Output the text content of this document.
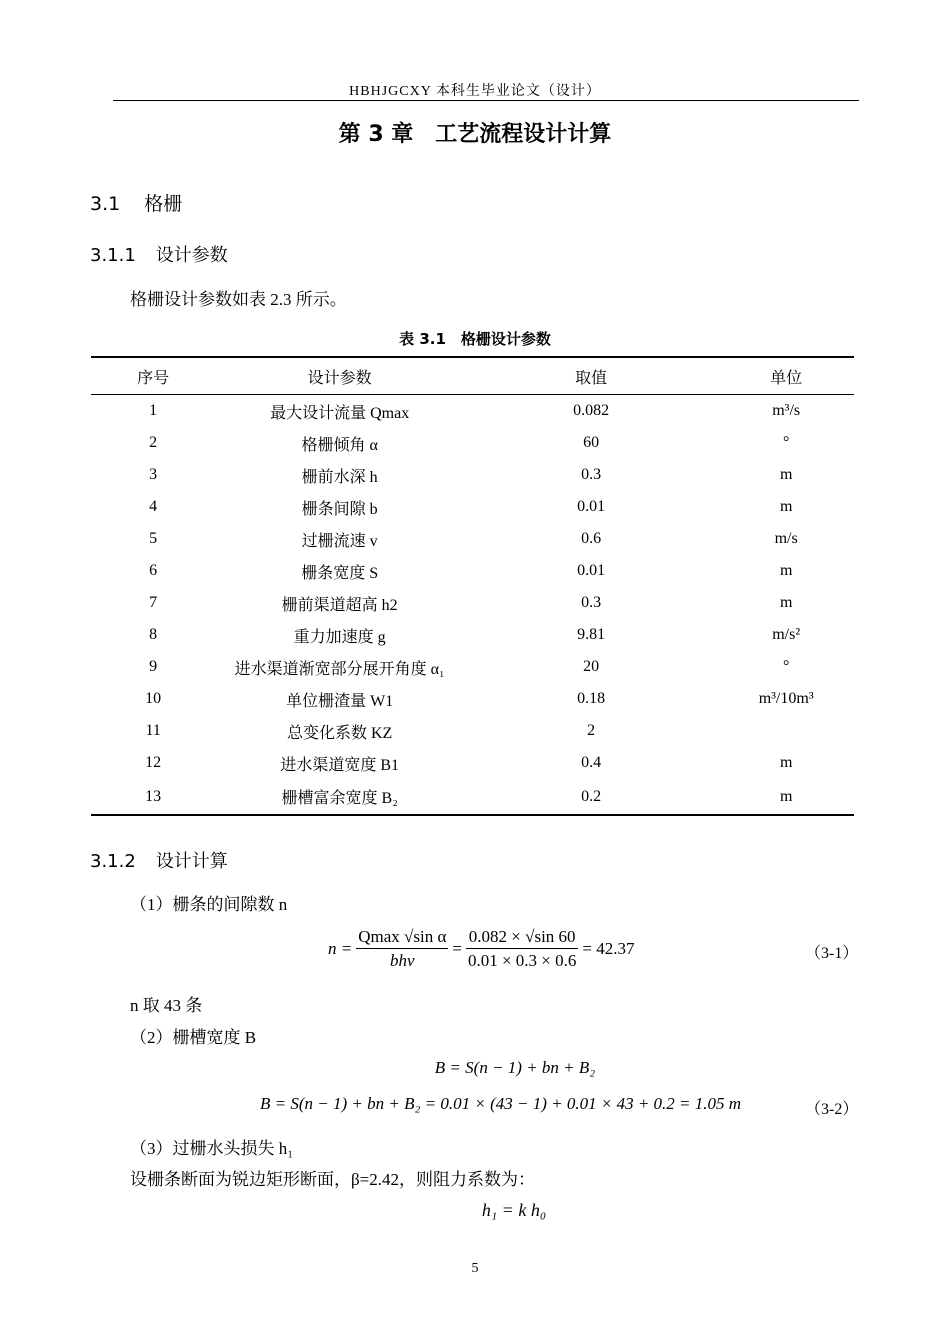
HBHJGCXY 本科生毕业论文（设计）
第 3 章　工艺流程设计计算
3.1 格栅
3.1.1 设计参数
格栅设计参数如表 2.3 所示。
表 3.1　格栅设计参数
序号	设计参数	取值	单位
1	最大设计流量 Qmax	0.082	m³/s
2	格栅倾角 α	60	°
3	栅前水深 h	0.3	m
4	栅条间隙 b	0.01	m
5	过栅流速 v	0.6	m/s
6	栅条宽度 S	0.01	m
7	栅前渠道超高 h2	0.3	m
8	重力加速度 g	9.81	m/s²
9	进水渠道渐宽部分展开角度 α₁	20	°
10	单位栅渣量 W1	0.18	m³/10m³
11	总变化系数 KZ	2	
12	进水渠道宽度 B1	0.4	m
13	栅槽富余宽度 B₂	0.2	m
3.1.2 设计计算
（1）栅条的间隙数 n
$n = \frac{\text{Qmax √sin α}}{\text{bhv}} = \frac{0.082 \times √\sin 60}{0.01 \times 0.3 \times 0.6} = 42.37$	（3-1）
n 取 43 条
（2）栅槽宽度 B
B = S(n − 1) + bn + B₂
B = S(n − 1) + bn + B₂ = 0.01 × (43 − 1) + 0.01 × 43 + 0.2 = 1.05 m	（3-2）
（3）过栅水头损失 h₁
设栅条断面为锐边矩形断面，β=2.42，则阻力系数为：
h₁ = k h₀
5
